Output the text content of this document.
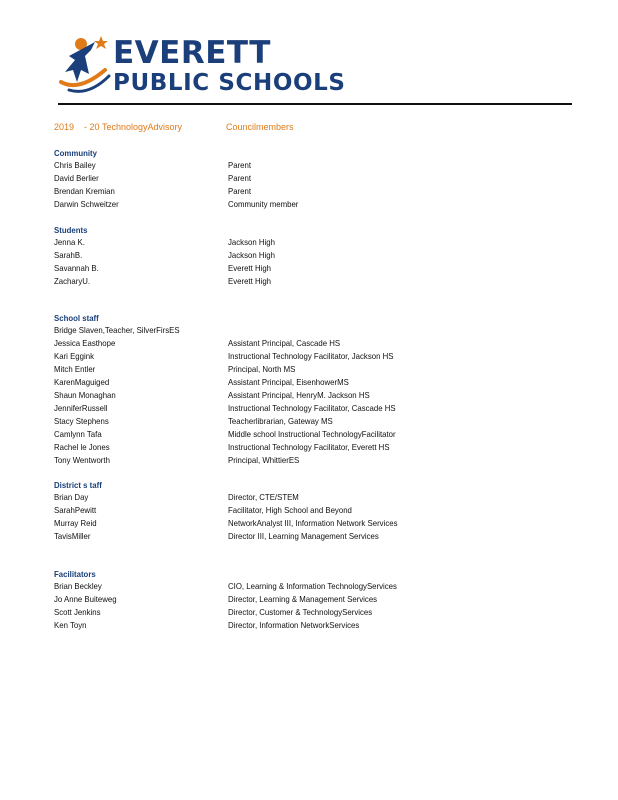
EVERETT
PUBLIC SCHOOLS
2019 - 20 TechnologyAdvisory	Councilmembers
Community
Chris Bailey	Parent
David Berlier	Parent
Brendan Kremian	Parent
Darwin Schweitzer	Community member
Students
Jenna K.	Jackson High
SarahB.	Jackson High
Savannah B.	Everett High
ZacharyU.	Everett High
School staff
Bridge Slaven,Teacher, SilverFirsES
Jessica Easthope	Assistant Principal, Cascade HS
Kari Eggink	Instructional Technology Facilitator, Jackson HS
Mitch Entler	Principal, North MS
KarenMaguiged	Assistant Principal, EisenhowerMS
Shaun Monaghan	Assistant Principal, HenryM. Jackson HS
JenniferRussell	Instructional Technology Facilitator, Cascade HS
Stacy Stephens	Teacherlibrarian, Gateway MS
Camlynn Tafa	Middle school Instructional TechnologyFacilitator
Rachel le Jones	Instructional Technology Facilitator, Everett HS
Tony Wentworth	Principal, WhittierES
District s taff
Brian Day	Director, CTE/STEM
SarahPewitt	Facilitator, High School and Beyond
Murray Reid	NetworkAnalyst III, Information Network Services
TavisMiller	Director III, Learning Management Services
Facilitators
Brian Beckley	CIO, Learning & Information TechnologyServices
Jo Anne Buiteweg	Director, Learning & Management Services
Scott Jenkins	Director, Customer & TechnologyServices
Ken Toyn	Director, Information NetworkServices
